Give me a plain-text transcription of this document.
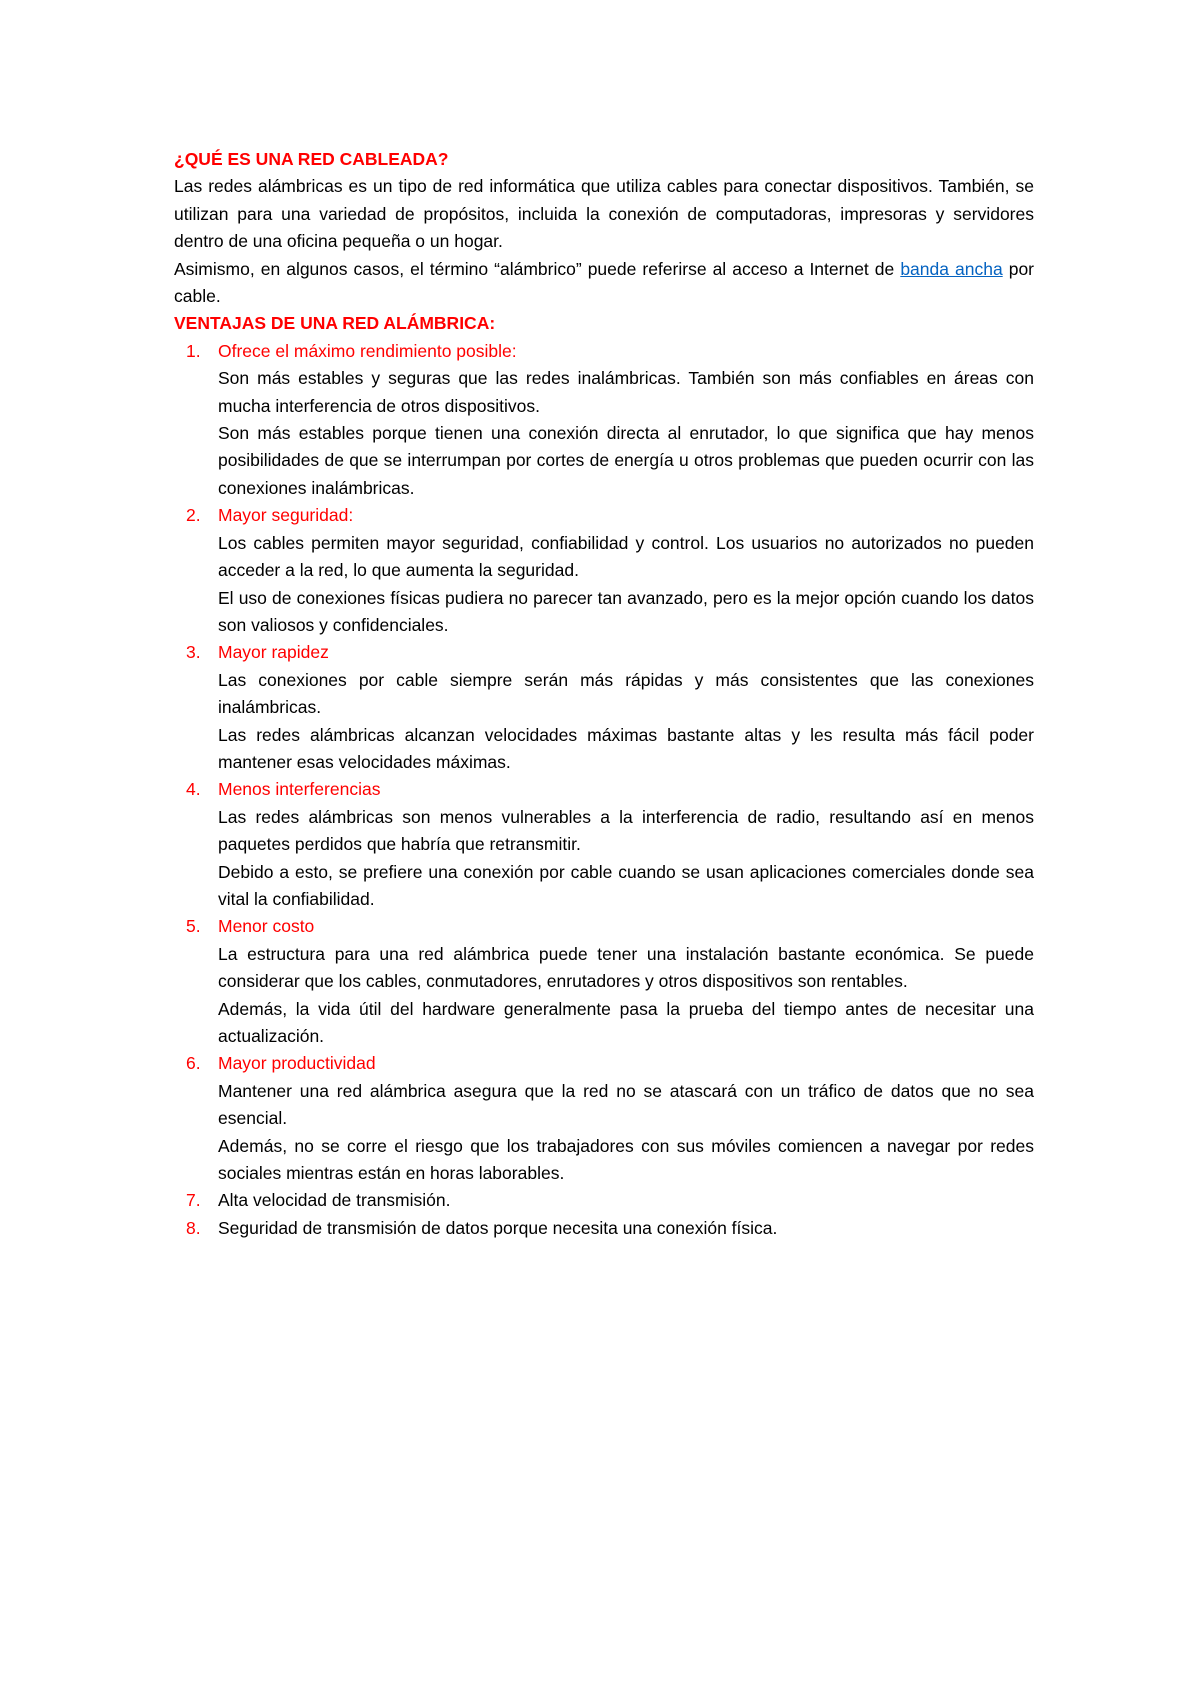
¿QUÉ ES UNA RED CABLEADA?

Las redes alámbricas es un tipo de red informática que utiliza cables para conectar dispositivos. También, se utilizan para una variedad de propósitos, incluida la conexión de computadoras, impresoras y servidores dentro de una oficina pequeña o un hogar.

Asimismo, en algunos casos, el término “alámbrico” puede referirse al acceso a Internet de banda ancha por cable.

VENTAJAS DE UNA RED ALÁMBRICA:

1. Ofrece el máximo rendimiento posible:

Son más estables y seguras que las redes inalámbricas. También son más confiables en áreas con mucha interferencia de otros dispositivos.

Son más estables porque tienen una conexión directa al enrutador, lo que significa que hay menos posibilidades de que se interrumpan por cortes de energía u otros problemas que pueden ocurrir con las conexiones inalámbricas.

2. Mayor seguridad:

Los cables permiten mayor seguridad, confiabilidad y control. Los usuarios no autorizados no pueden acceder a la red, lo que aumenta la seguridad.

El uso de conexiones físicas pudiera no parecer tan avanzado, pero es la mejor opción cuando los datos son valiosos y confidenciales.

3. Mayor rapidez

Las conexiones por cable siempre serán más rápidas y más consistentes que las conexiones inalámbricas.

Las redes alámbricas alcanzan velocidades máximas bastante altas y les resulta más fácil poder mantener esas velocidades máximas.

4. Menos interferencias

Las redes alámbricas son menos vulnerables a la interferencia de radio, resultando así en menos paquetes perdidos que habría que retransmitir.

Debido a esto, se prefiere una conexión por cable cuando se usan aplicaciones comerciales donde sea vital la confiabilidad.

5. Menor costo

La estructura para una red alámbrica puede tener una instalación bastante económica. Se puede considerar que los cables, conmutadores, enrutadores y otros dispositivos son rentables.

Además, la vida útil del hardware generalmente pasa la prueba del tiempo antes de necesitar una actualización.

6. Mayor productividad

Mantener una red alámbrica asegura que la red no se atascará con un tráfico de datos que no sea esencial.

Además, no se corre el riesgo que los trabajadores con sus móviles comiencen a navegar por redes sociales mientras están en horas laborables.

7. Alta velocidad de transmisión.

8. Seguridad de transmisión de datos porque necesita una conexión física.
